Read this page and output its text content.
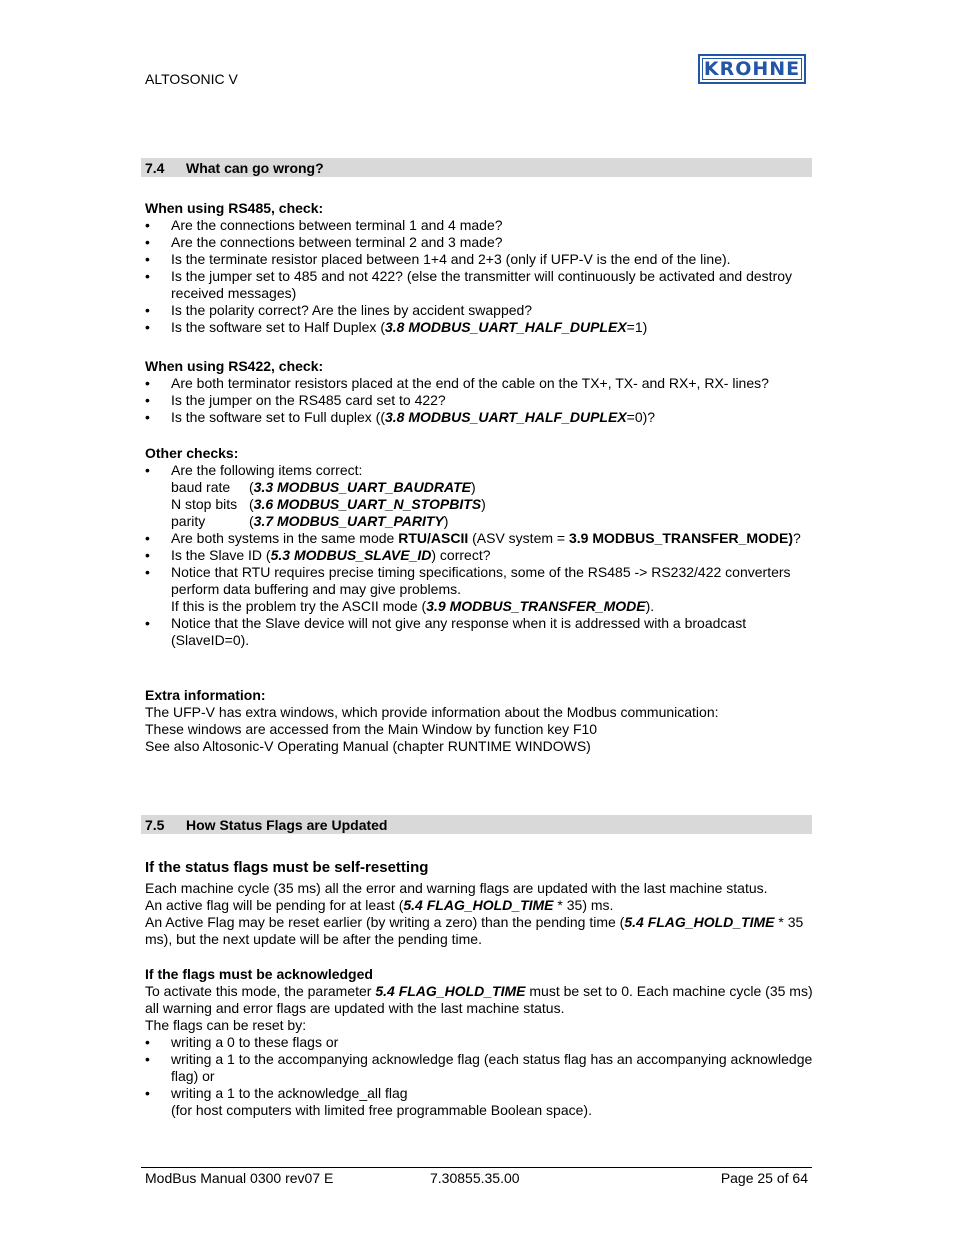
ALTOSONIC V	KROHNE
7.4 What can go wrong?
When using RS485, check:
• Are the connections between terminal 1 and 4 made?
• Are the connections between terminal 2 and 3 made?
• Is the terminate resistor placed between 1+4 and 2+3 (only if UFP-V is the end of the line).
• Is the jumper set to 485 and not 422? (else the transmitter will continuously be activated and destroy received messages)
• Is the polarity correct? Are the lines by accident swapped?
• Is the software set to Half Duplex (3.8 MODBUS_UART_HALF_DUPLEX=1)
When using RS422, check:
• Are both terminator resistors placed at the end of the cable on the TX+, TX- and RX+, RX- lines?
• Is the jumper on the RS485 card set to 422?
• Is the software set to Full duplex ((3.8 MODBUS_UART_HALF_DUPLEX=0)?
Other checks:
• Are the following items correct:
baud rate (3.3 MODBUS_UART_BAUDRATE)
N stop bits (3.6 MODBUS_UART_N_STOPBITS)
parity	(3.7 MODBUS_UART_PARITY)
• Are both systems in the same mode RTU/ASCII (ASV system = 3.9 MODBUS_TRANSFER_MODE)?
• Is the Slave ID (5.3 MODBUS_SLAVE_ID) correct?
• Notice that RTU requires precise timing specifications, some of the RS485 -> RS232/422 converters perform data buffering and may give problems.
If this is the problem try the ASCII mode (3.9 MODBUS_TRANSFER_MODE).
• Notice that the Slave device will not give any response when it is addressed with a broadcast (SlaveID=0).
Extra information:
The UFP-V has extra windows, which provide information about the Modbus communication:
These windows are accessed from the Main Window by function key F10
See also Altosonic-V Operating Manual (chapter RUNTIME WINDOWS)
7.5 How Status Flags are Updated
If the status flags must be self-resetting
Each machine cycle (35 ms) all the error and warning flags are updated with the last machine status.
An active flag will be pending for at least (5.4 FLAG_HOLD_TIME * 35) ms.
An Active Flag may be reset earlier (by writing a zero) than the pending time (5.4 FLAG_HOLD_TIME * 35 ms), but the next update will be after the pending time.
If the flags must be acknowledged
To activate this mode, the parameter 5.4 FLAG_HOLD_TIME must be set to 0. Each machine cycle (35 ms) all warning and error flags are updated with the last machine status.
The flags can be reset by:
• writing a 0 to these flags or
• writing a 1 to the accompanying acknowledge flag (each status flag has an accompanying acknowledge flag) or
• writing a 1 to the acknowledge_all flag
(for host computers with limited free programmable Boolean space).
ModBus Manual 0300 rev07 E	7.30855.35.00	Page 25 of 64
